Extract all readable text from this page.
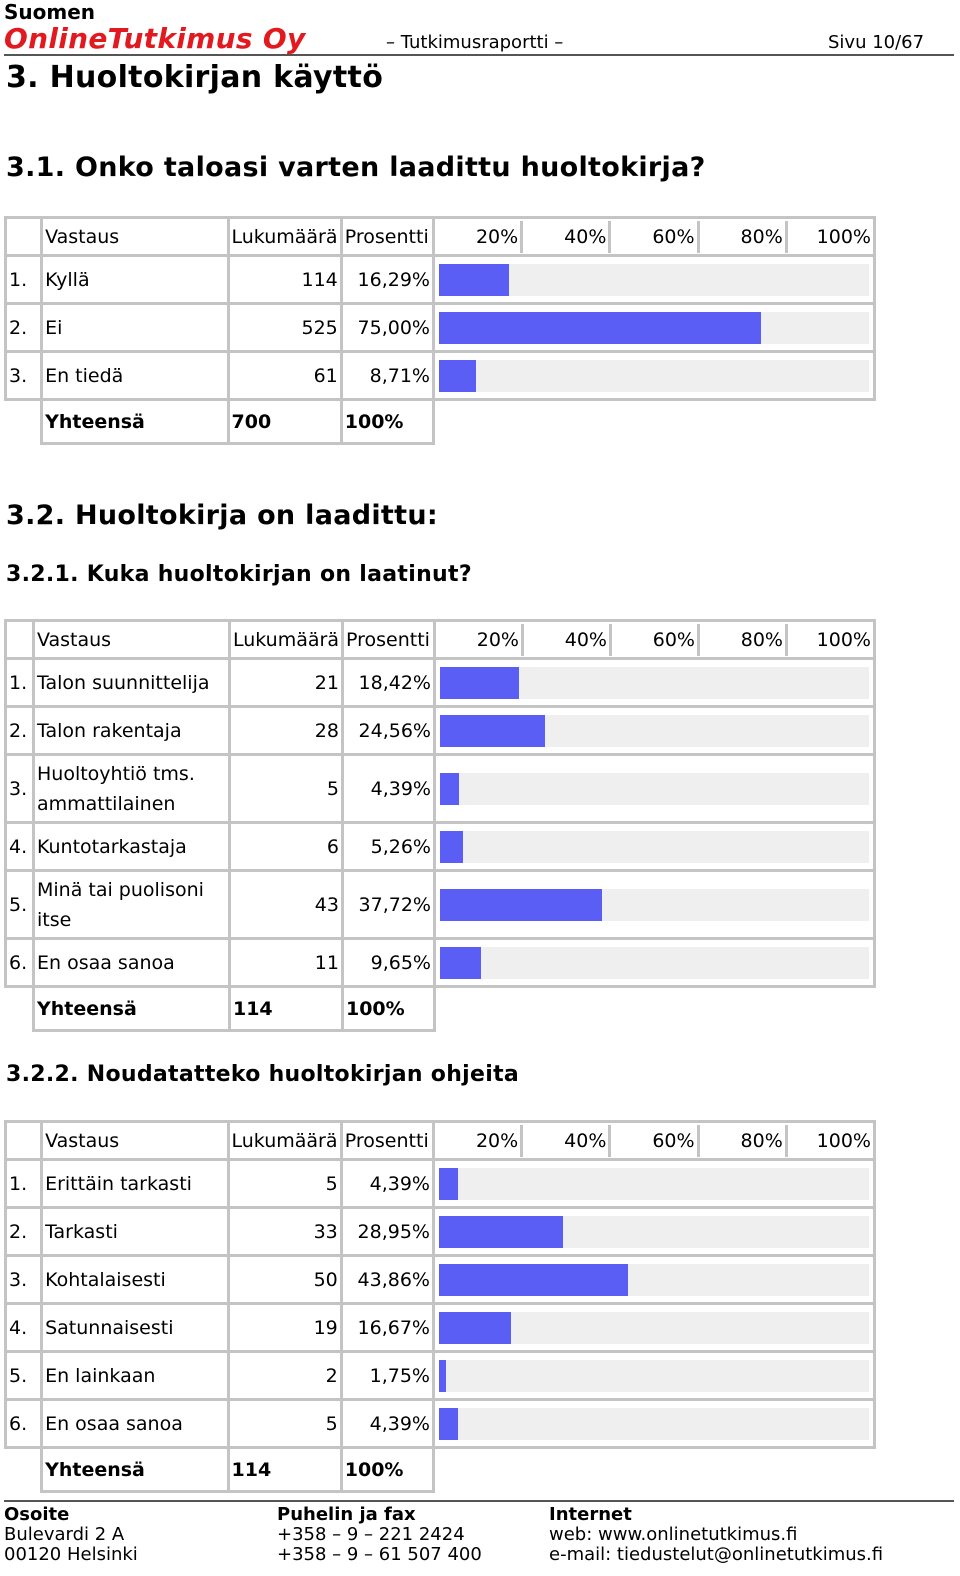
Suomen
OnlineTutkimus Oy	– Tutkimusraportti –	Sivu 10/67
3. Huoltokirjan käyttö
3.1. Onko taloasi varten laadittu huoltokirja?
	Vastaus	Lukumäärä	Prosentti	20% 40% 60% 80% 100%

1.	Kyllä	114	16,29%	

2.	Ei	525	75,00%	

3.	En tiedä	61	8,71%	

	Yhteensä	700	100%	
3.2. Huoltokirja on laadittu:
3.2.1. Kuka huoltokirjan on laatinut?
	Vastaus	Lukumäärä	Prosentti	20% 40% 60% 80% 100%

1.	Talon suunnittelija	21	18,42%	

2.	Talon rakentaja	28	24,56%	

3.	Huoltoyhtiö tms. ammattilainen	5	4,39%	

4.	Kuntotarkastaja	6	5,26%	

5.	Minä tai puolisoni itse	43	37,72%	

6.	En osaa sanoa	11	9,65%	

	Yhteensä	114	100%	
3.2.2. Noudatatteko huoltokirjan ohjeita
	Vastaus	Lukumäärä	Prosentti	20% 40% 60% 80% 100%

1.	Erittäin tarkasti	5	4,39%	

2.	Tarkasti	33	28,95%	

3.	Kohtalaisesti	50	43,86%	

4.	Satunnaisesti	19	16,67%	

5.	En lainkaan	2	1,75%	

6.	En osaa sanoa	5	4,39%	

	Yhteensä	114	100%	
Osoite
Bulevardi 2 A
00120 Helsinki
Puhelin ja fax
+358 – 9 – 221 2424
+358 – 9 – 61 507 400
Internet
web: www.onlinetutkimus.fi
e-mail: tiedustelut@onlinetutkimus.fi
